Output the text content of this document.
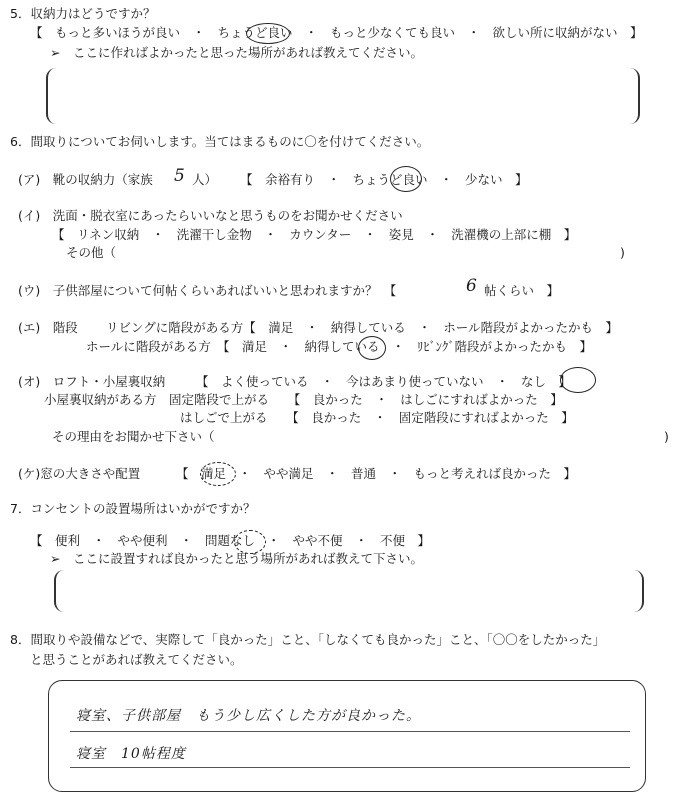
5．収納力はどうですか？
【　もっと多いほうが良い　・　ちょうど良い　・　もっと少なくても良い　・　欲しい所に収納がない　】
➢　ここに作ればよかったと思った場所があれば教えてください。
6．間取りについてお伺いします。当てはまるものに〇を付けてください。
(ア)　靴の収納力（家族 5 人） 【　余裕有り　・　ちょうど良い　・　少ない　】
(イ)　洗面・脱衣室にあったらいいなと思うものをお聞かせください
【　リネン収納　・　洗濯干し金物　・　カウンター　・　姿見　・　洗濯機の上部に棚　】
その他（	)
(ウ)　子供部屋について何帖くらいあればいいと思われますか？　【	6 帖くらい　】
(エ)　階段 リビングに階段がある方【　満足　・　納得している　・　ホール階段がよかったかも　】
ホールに階段がある方　【　満足　・　納得している　・　ﾘﾋﾞﾝｸﾞ階段がよかったかも　】
(オ)　ロフト・小屋裏収納 【　よく使っている　・　今はあまり使っていない　・　なし　】
小屋裏収納がある方　固定階段で上がる　　【　良かった　・　はしごにすればよかった　】
はしごで上がる　　【　良かった　・　固定階段にすればよかった　】
その理由をお聞かせ下さい（	)
(ケ)窓の大きさや配置	【　満足　・　やや満足　・　普通　・　もっと考えれば良かった　】
7．コンセントの設置場所はいかがですか？
【　便利　・　やや便利　・　問題なし　・　やや不便　・　不便　】
➢　ここに設置すれば良かったと思う場所があれば教えて下さい。
8．間取りや設備などで、実際して「良かった」こと、「しなくても良かった」こと、「〇〇をしたかった」
と思うことがあれば教えてください。
寝室、子供部屋　もう少し広くした方が良かった。
寝室　10帖程度
